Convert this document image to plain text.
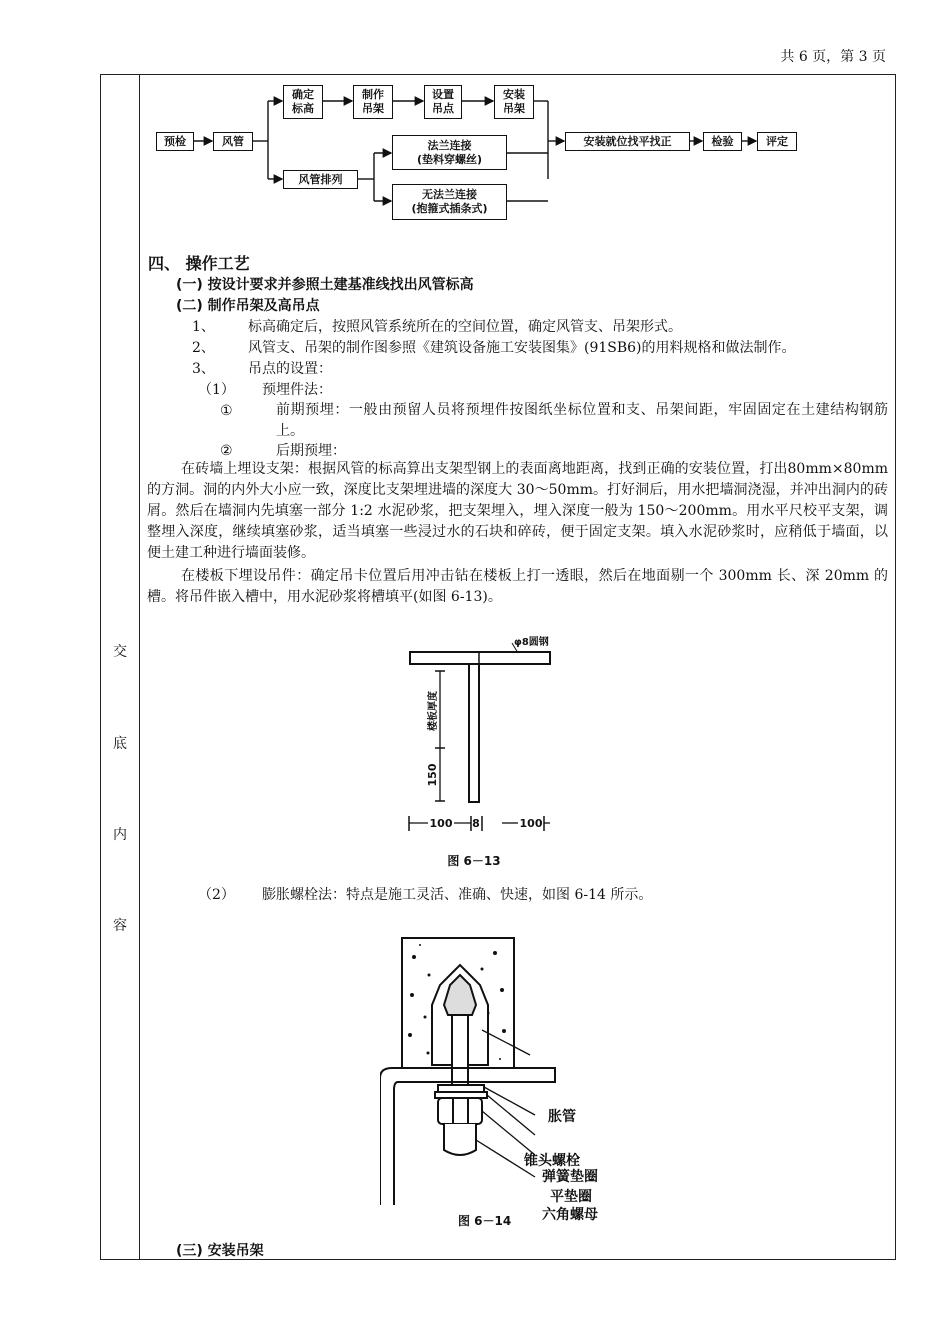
共 6 页，第 3 页
交
底
内
容
预检	风管
确定
标高
制作
吊架
设置
吊点
安装
吊架
风管排列
法兰连接
(垫料穿螺丝)
无法兰连接
(抱箍式插条式)
安装就位找平找正	检验	评定
四、 操作工艺
(一) 按设计要求并参照土建基准线找出风管标高
(二) 制作吊架及高吊点
1、 标高确定后，按照风管系统所在的空间位置，确定风管支、吊架形式。
2、 风管支、吊架的制作图参照《建筑设备施工安装图集》(91SB6)的用料规格和做法制作。
3、 吊点的设置：
（1） 预埋件法：
①	前期预埋：一般由预留人员将预埋件按图纸坐标位置和支、吊架间距，牢固固定在土建结构钢筋上。
②	后期预埋：
在砖墙上埋设支架：根据风管的标高算出支架型钢上的表面离地距离，找到正确的安装位置，打出80mm×80mm 的方洞。洞的内外大小应一致，深度比支架埋进墙的深度大 30～50mm。打好洞后，用水把墙洞浇湿，并冲出洞内的砖屑。然后在墙洞内先填塞一部分 1:2 水泥砂浆，把支架埋入，埋入深度一般为 150～200mm。用水平尺校平支架，调整埋入深度，继续填塞砂浆，适当填塞一些浸过水的石块和碎砖，便于固定支架。填入水泥砂浆时，应稍低于墙面，以便土建工种进行墙面装修。
在楼板下埋设吊件：确定吊卡位置后用冲击钻在楼板上打一透眼，然后在地面剔一个 300mm 长、深 20mm 的槽。将吊件嵌入槽中，用水泥砂浆将槽填平(如图 6-13)。
φ8圆钢
楼板厚度
150
100 8	100
图 6－13
（2） 膨胀螺栓法：特点是施工灵活、准确、快速，如图 6-14 所示。
胀管
弹簧垫圈
平垫圈
六角螺母
锥头螺栓
图 6－14
(三) 安装吊架
